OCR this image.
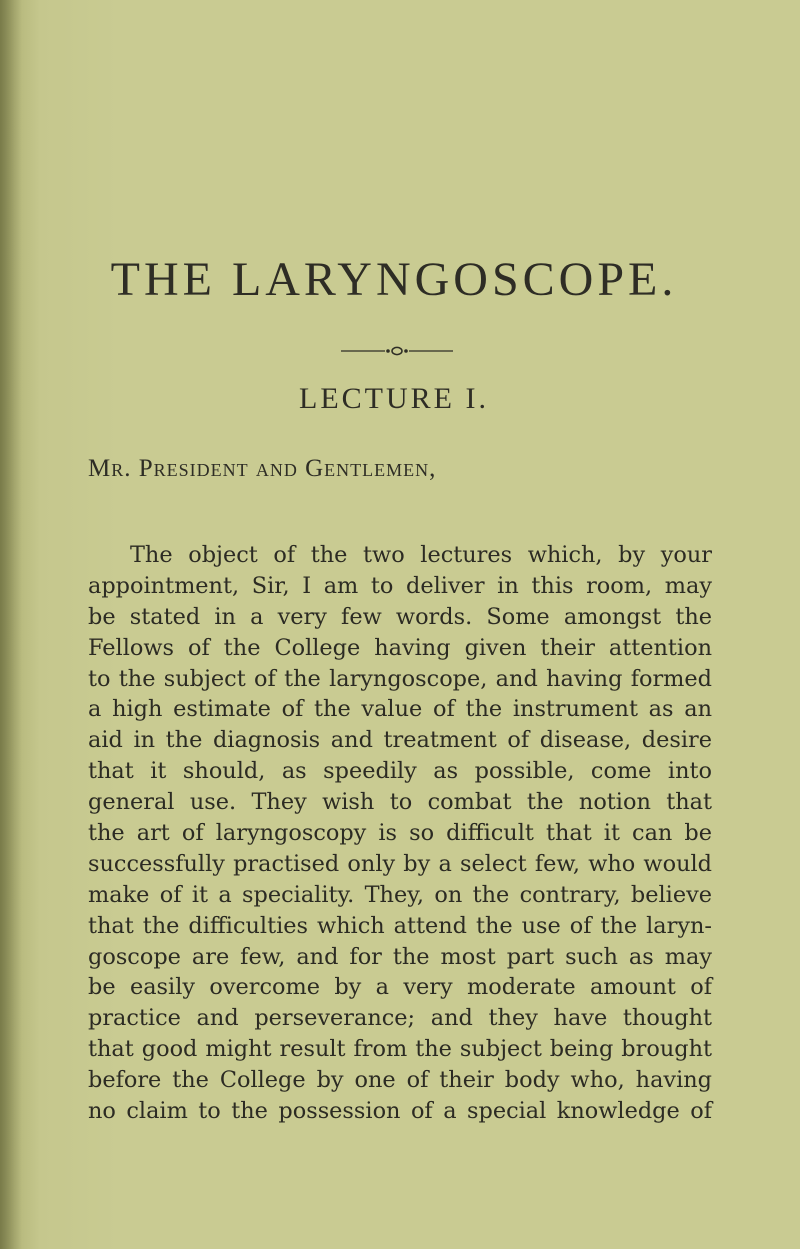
THE LARYNGOSCOPE.
LECTURE I.

Mr. President and Gentlemen,

The object of the two lectures which, by your
appointment, Sir, I am to deliver in this room, may
be stated in a very few words. Some amongst the
Fellows of the College having given their attention
to the subject of the laryngoscope, and having formed
a high estimate of the value of the instrument as an
aid in the diagnosis and treatment of disease, desire
that it should, as speedily as possible, come into
general use. They wish to combat the notion that
the art of laryngoscopy is so difficult that it can be
successfully practised only by a select few, who would
make of it a speciality. They, on the contrary, believe
that the difficulties which attend the use of the laryn-
goscope are few, and for the most part such as may
be easily overcome by a very moderate amount of
practice and perseverance; and they have thought
that good might result from the subject being brought
before the College by one of their body who, having
no claim to the possession of a special knowledge of
